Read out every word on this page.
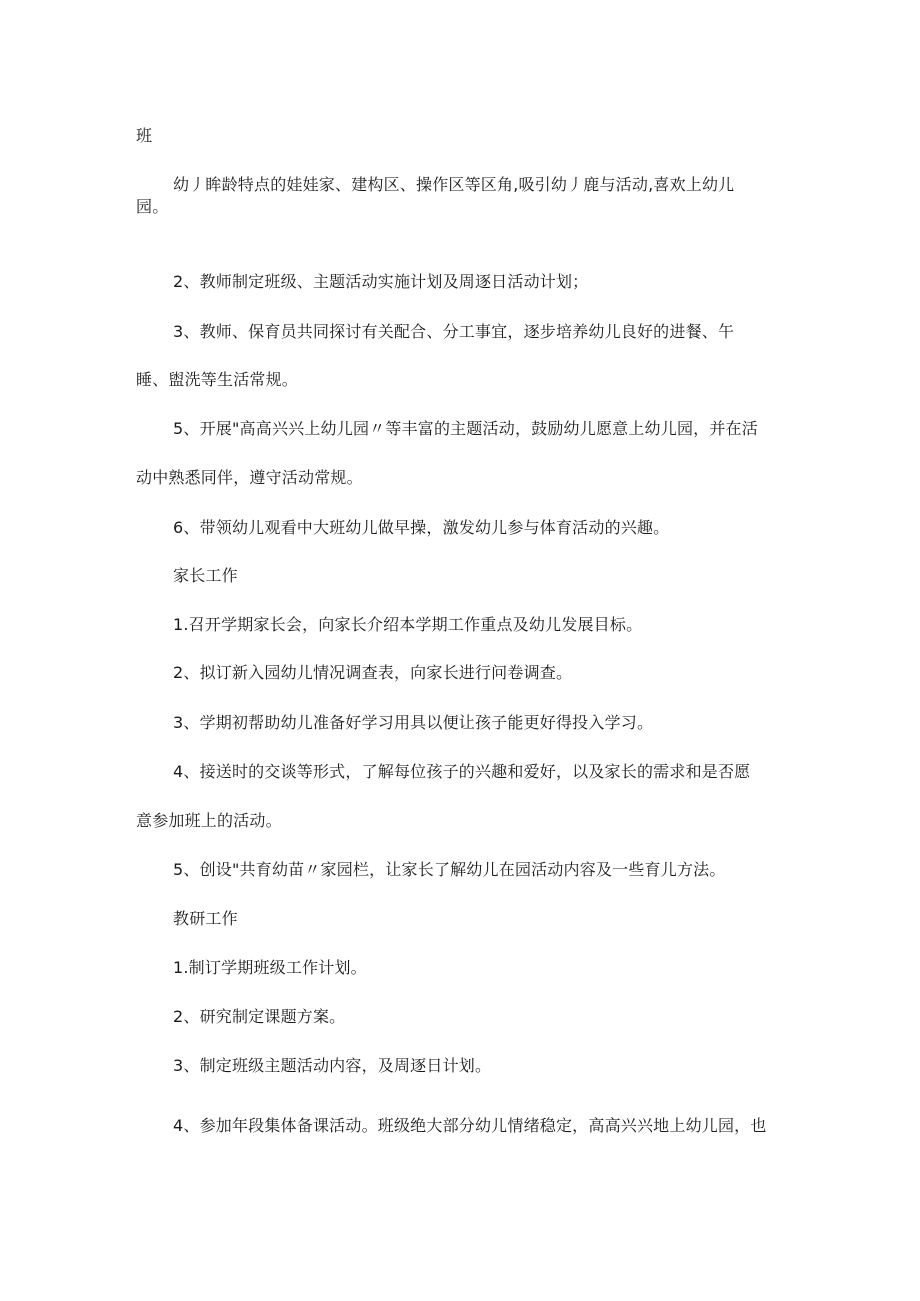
班
幼丿眸龄特点的娃娃家、建构区、操作区等区角,吸引幼丿鹿与活动,喜欢上幼儿
园。
2、教师制定班级、主题活动实施计划及周逐日活动计划；
3、教师、保育员共同探讨有关配合、分工事宜，逐步培养幼儿良好的进餐、午
睡、盥洗等生活常规。
5、开展"高高兴兴上幼儿园〃等丰富的主题活动，鼓励幼儿愿意上幼儿园，并在活
动中熟悉同伴，遵守活动常规。
6、带领幼儿观看中大班幼儿做早操，激发幼儿参与体育活动的兴趣。
家长工作
1.召开学期家长会，向家长介绍本学期工作重点及幼儿发展目标。
2、拟订新入园幼儿情况调查表，向家长进行问卷调查。
3、学期初帮助幼儿准备好学习用具以便让孩子能更好得投入学习。
4、接送时的交谈等形式，了解每位孩子的兴趣和爱好，以及家长的需求和是否愿
意参加班上的活动。
5、创设"共育幼苗〃家园栏，让家长了解幼儿在园活动内容及一些育儿方法。
教研工作
1.制订学期班级工作计划。
2、研究制定课题方案。
3、制定班级主题活动内容，及周逐日计划。
4、参加年段集体备课活动。班级绝大部分幼儿情绪稳定，高高兴兴地上幼儿园，也
